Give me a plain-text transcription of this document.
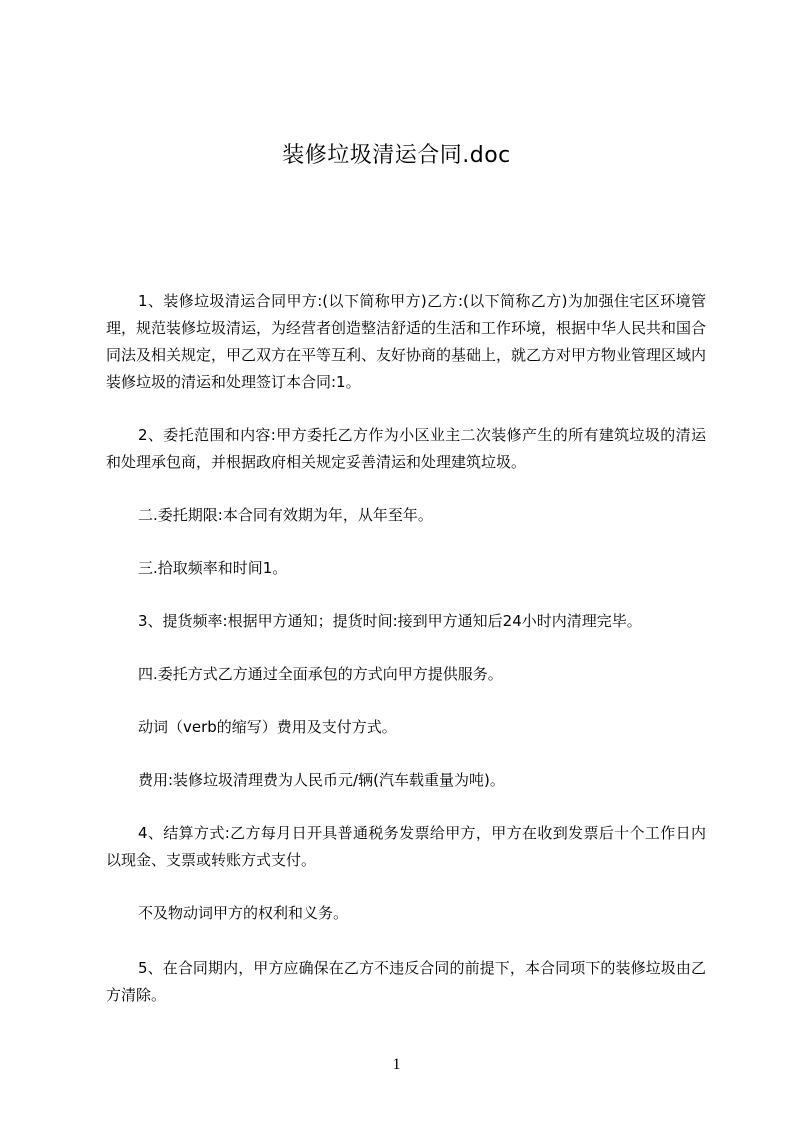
装修垃圾清运合同.doc

1、装修垃圾清运合同甲方:(以下简称甲方)乙方:(以下简称乙方)为加强住宅区环境管理，规范装修垃圾清运，为经营者创造整洁舒适的生活和工作环境，根据中华人民共和国合同法及相关规定，甲乙双方在平等互利、友好协商的基础上，就乙方对甲方物业管理区域内装修垃圾的清运和处理签订本合同:1。

2、委托范围和内容:甲方委托乙方作为小区业主二次装修产生的所有建筑垃圾的清运和处理承包商，并根据政府相关规定妥善清运和处理建筑垃圾。

二.委托期限:本合同有效期为年，从年至年。

三.拾取频率和时间1。

3、提货频率:根据甲方通知；提货时间:接到甲方通知后24小时内清理完毕。

四.委托方式乙方通过全面承包的方式向甲方提供服务。

动词（verb的缩写）费用及支付方式。

费用:装修垃圾清理费为人民币元/辆(汽车载重量为吨)。

4、结算方式:乙方每月日开具普通税务发票给甲方，甲方在收到发票后十个工作日内以现金、支票或转账方式支付。

不及物动词甲方的权利和义务。

5、在合同期内，甲方应确保在乙方不违反合同的前提下，本合同项下的装修垃圾由乙方清除。

1
